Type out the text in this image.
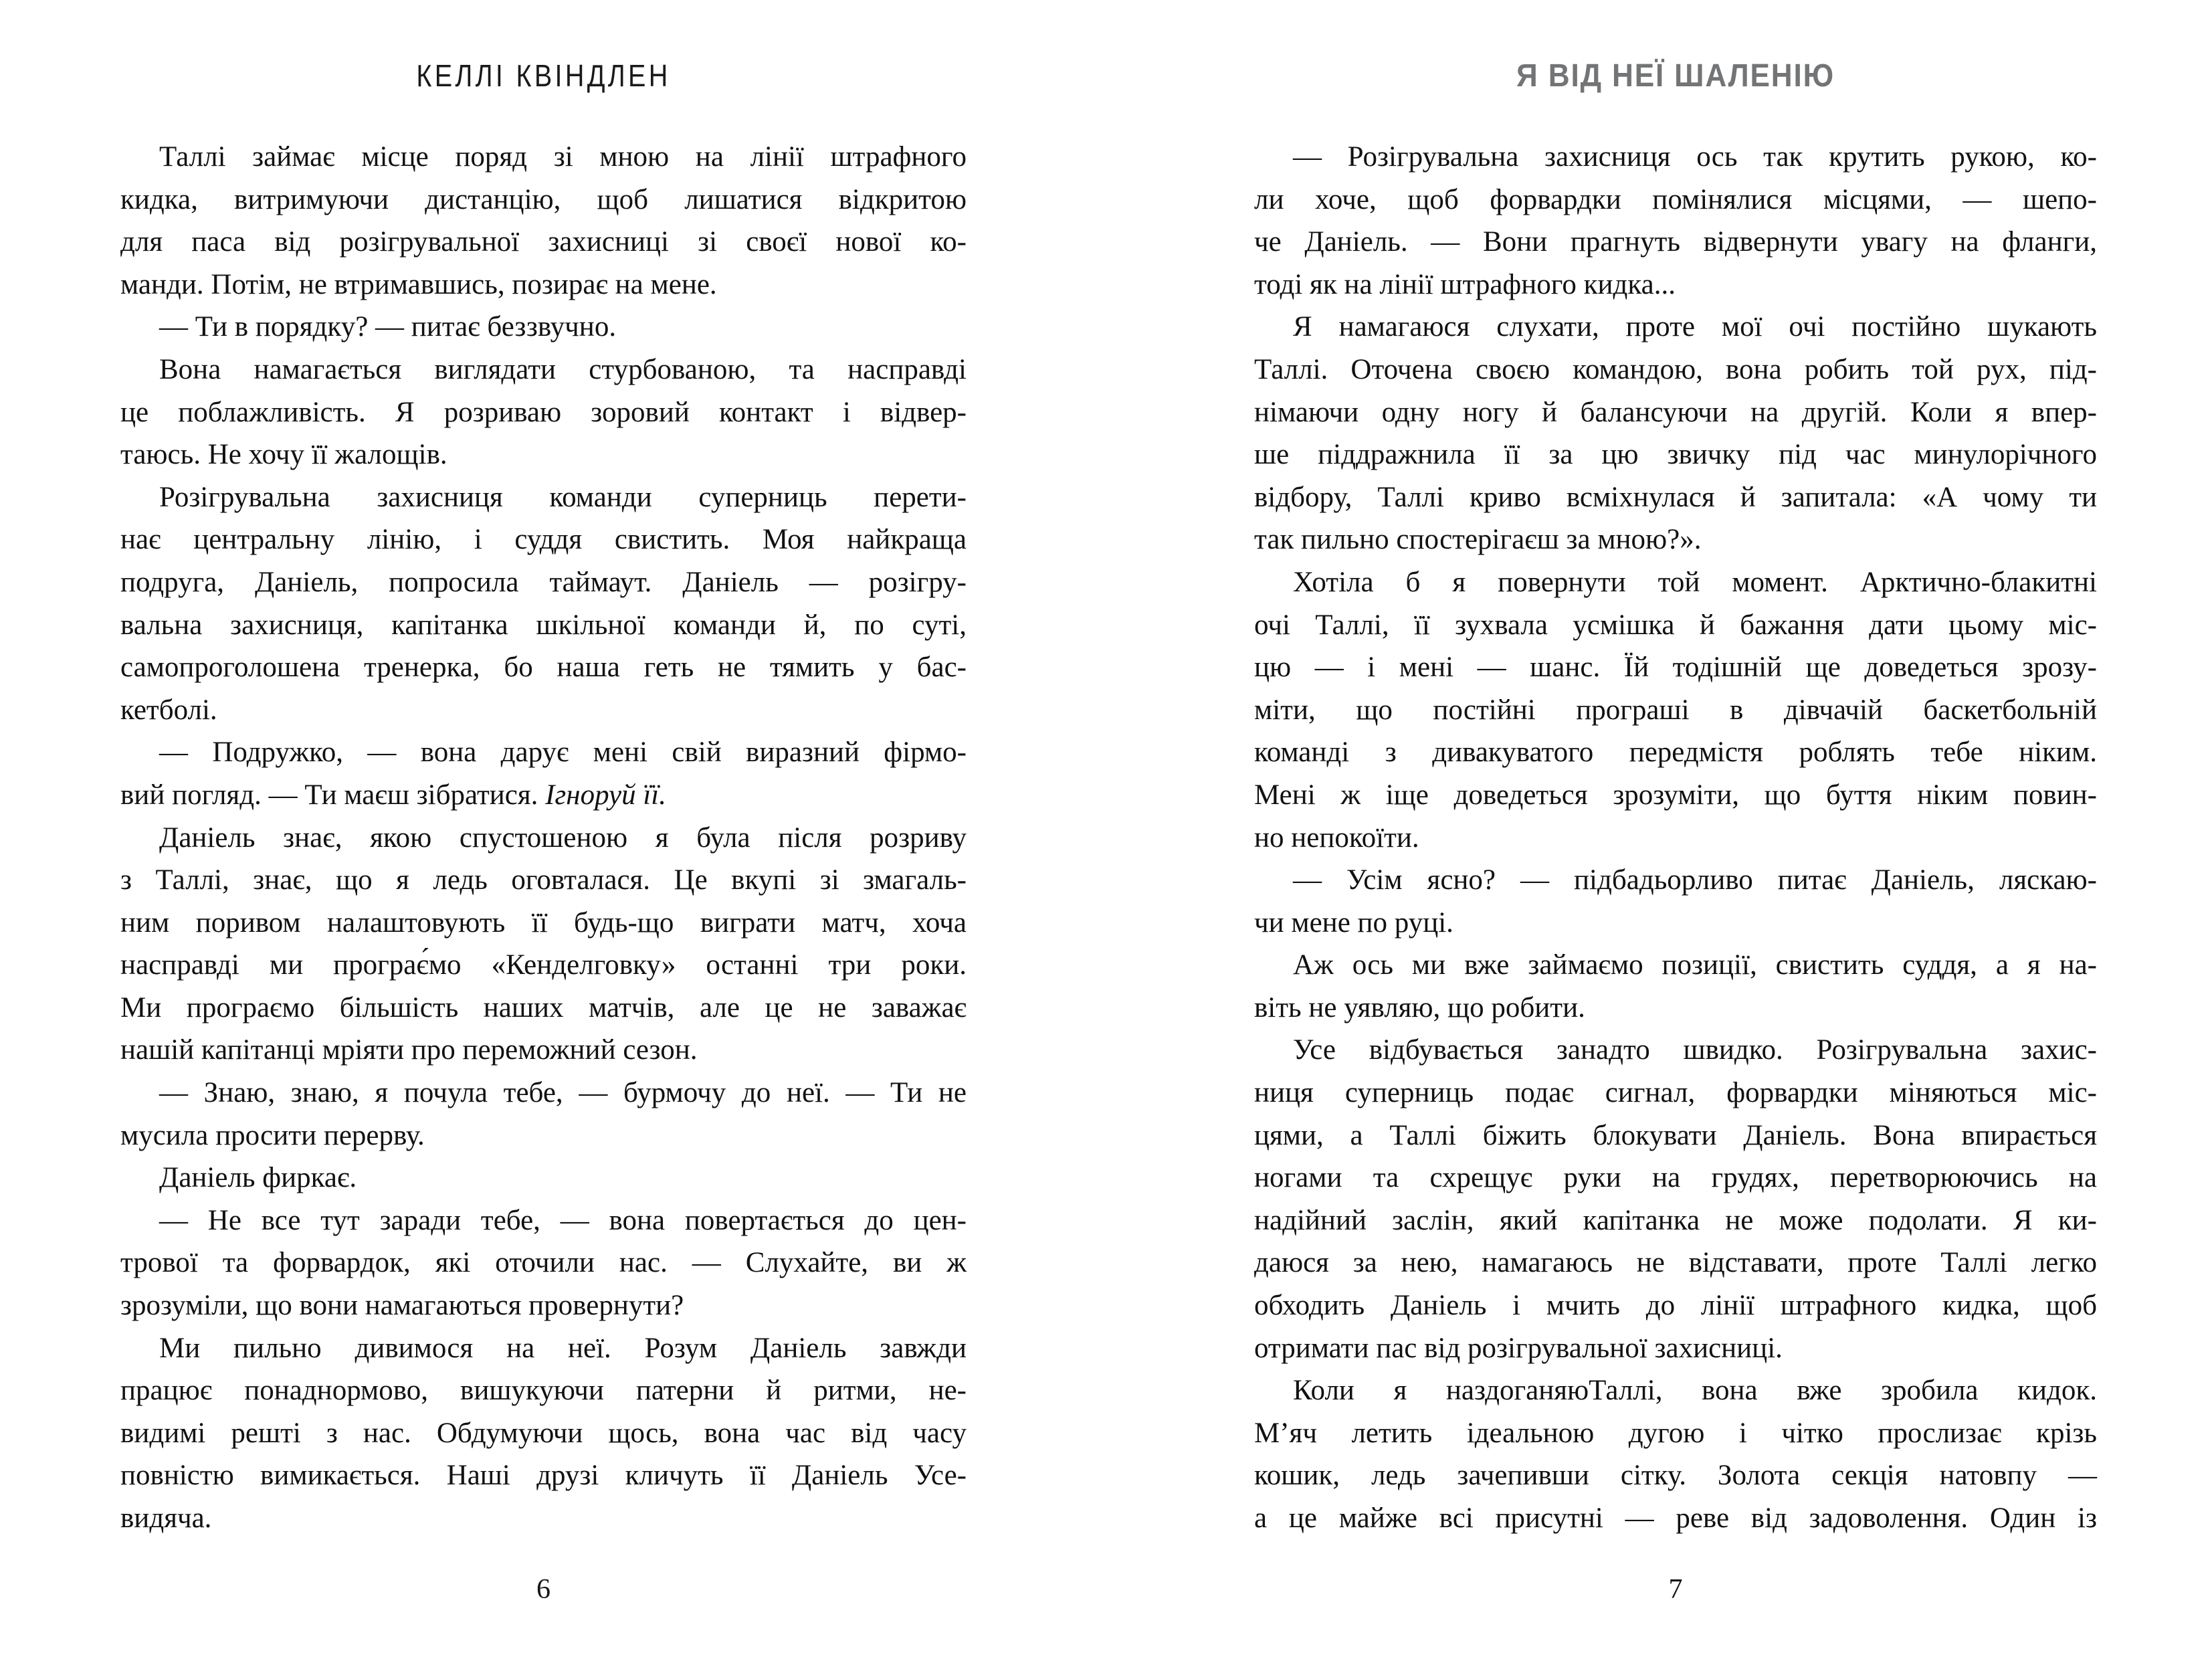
КЕЛЛІ КВІНДЛЕН
Таллі займає місце поряд зі мною на лінії штрафного
кидка, витримуючи дистанцію, щоб лишатися відкритою
для паса від розігрувальної захисниці зі своєї нової ко-
манди. Потім, не втримавшись, позирає на мене.
— Ти в порядку? — питає беззвучно.
Вона намагається виглядати стурбованою, та насправді
це поблажливість. Я розриваю зоровий контакт і відвер-
таюсь. Не хочу її жалощів.
Розігрувальна захисниця команди суперниць перети-
нає центральну лінію, і суддя свистить. Моя найкраща
подруга, Даніель, попросила таймаут. Даніель — розігру-
вальна захисниця, капітанка шкільної команди й, по суті,
самопроголошена тренерка, бо наша геть не тямить у бас-
кетболі.
— Подружко, — вона дарує мені свій виразний фірмо-
вий погляд. — Ти маєш зібратися. Ігноруй її.
Даніель знає, якою спустошеною я була після розриву
з Таллі, знає, що я ледь оговталася. Це вкупі зі змагаль-
ним поривом налаштовують її будь-що виграти матч, хоча
насправді ми програє́мо «Кенделговку» останні три роки.
Ми програємо більшість наших матчів, але це не заважає
нашій капітанці мріяти про переможний сезон.
— Знаю, знаю, я почула тебе, — бурмочу до неї. — Ти не
мусила просити перерву.
Даніель фиркає.
— Не все тут заради тебе, — вона повертається до цен-
трової та форвардок, які оточили нас. — Слухайте, ви ж
зрозуміли, що вони намагаються провернути?
Ми пильно дивимося на неї. Розум Даніель завжди
працює понаднормово, вишукуючи патерни й ритми, не-
видимі решті з нас. Обдумуючи щось, вона час від часу
повністю вимикається. Наші друзі кличуть її Даніель Усе-
видяча.
6
Я ВІД НЕЇ ШАЛЕНІЮ
— Розігрувальна захисниця ось так крутить рукою, ко-
ли хоче, щоб форвардки помінялися місцями, — шепо-
че Даніель. — Вони прагнуть відвернути увагу на фланги,
тоді як на лінії штрафного кидка...
Я намагаюся слухати, проте мої очі постійно шукають
Таллі. Оточена своєю командою, вона робить той рух, під-
німаючи одну ногу й балансуючи на другій. Коли я впер-
ше піддражнила її за цю звичку під час минулорічного
відбору, Таллі криво всміхнулася й запитала: «А чому ти
так пильно спостерігаєш за мною?».
Хотіла б я повернути той момент. Арктично-блакитні
очі Таллі, її зухвала усмішка й бажання дати цьому міс-
цю — і мені — шанс. Їй тодішній ще доведеться зрозу-
міти, що постійні програші в дівчачій баскетбольній
команді з дивакуватого передмістя роблять тебе ніким.
Мені ж іще доведеться зрозуміти, що буття ніким повин-
но непокоїти.
— Усім ясно? — підбадьорливо питає Даніель, ляскаю-
чи мене по руці.
Аж ось ми вже займаємо позиції, свистить суддя, а я на-
віть не уявляю, що робити.
Усе відбувається занадто швидко. Розігрувальна захис-
ниця суперниць подає сигнал, форвардки міняються міс-
цями, а Таллі біжить блокувати Даніель. Вона впирається
ногами та схрещує руки на грудях, перетворюючись на
надійний заслін, який капітанка не може подолати. Я ки-
даюся за нею, намагаюсь не відставати, проте Таллі легко
обходить Даніель і мчить до лінії штрафного кидка, щоб
отримати пас від розігрувальної захисниці.
Коли я наздоганяюТаллі, вона вже зробила кидок.
М’яч летить ідеальною дугою і чітко прослизає крізь
кошик, ледь зачепивши сітку. Золота секція натовпу —
а це майже всі присутні — реве від задоволення. Один із
7
